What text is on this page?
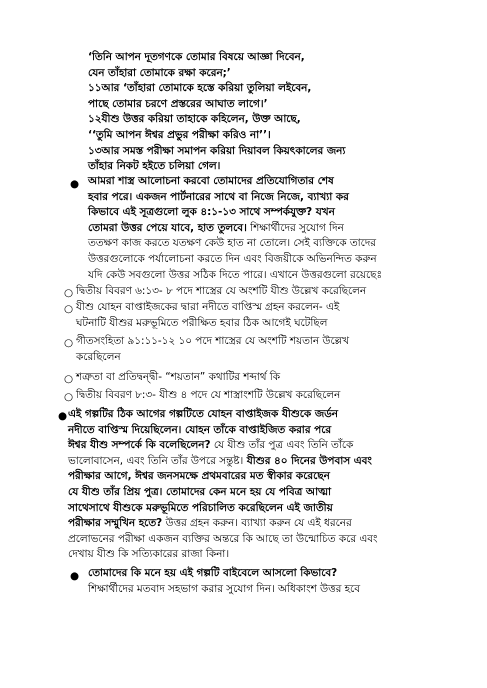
‘তিনি আপন দূতগণকে তোমার বিষয়ে আজ্ঞা দিবেন,
যেন তাঁহারা তোমাকে রক্ষা করেন;’
১১আর ‘তাঁহারা তোমাকে হস্তে করিয়া তুলিয়া লইবেন,
পাছে তোমার চরণে প্রস্তরের আঘাত লাগে।’
১২যীশু উত্তর করিয়া তাহাকে কহিলেন, উক্ত আছে,
‘‘তুমি আপন ঈশ্বর প্রভুর পরীক্ষা করিও না’’।
১৩আর সমস্ত পরীক্ষা সমাপন করিয়া দিয়াবল কিয়ৎকালের জন্য
তাঁহার নিকট হইতে চলিয়া গেল।
● আমরা শাস্ত্র আলোচনা করবো তোমাদের প্রতিযোগিতার শেষ
হবার পরে। একজন পার্টনারের সাথে বা নিজে নিজে, ব্যাখ্যা কর
কিভাবে এই সূত্রগুলো লুক ৪:১-১৩ সাথে সম্পর্কযুক্ত? যখন
তোমরা উত্তর পেয়ে যাবে, হাত তুলবে। শিক্ষার্থীদের সুযোগ দিন
ততক্ষণ কাজ করতে যতক্ষণ কেউ হাত না তোলে। সেই ব্যক্তিকে তাদের
উত্তরগুলোকে পর্যালোচনা করতে দিন এবং বিজয়ীকে অভিনন্দিত করুন
যদি কেউ সবগুলো উত্তর সঠিক দিতে পারে। এখানে উত্তরগুলো রয়েছেঃ
○ দ্বিতীয় বিবরণ ৬:১৩- ৮ পদে শাস্ত্রের যে অংশটি যীশু উল্লেখ করেছিলেন
○ যীশু যোহন বাপ্তাইজকের দ্বারা নদীতে বাপ্তিস্ম গ্রহন করলেন- এই
ঘটনাটি যীশুর মরুভূমিতে পরীক্ষিত হবার ঠিক আগেই ঘটেছিল
○ গীতসংহিতা ৯১:১১-১২ ১০ পদে শাস্ত্রের যে অংশটি শয়তান উল্লেখ
করেছিলেন
○ শত্রুতা বা প্রতিদ্বন্দ্বী- “শয়তান” কথাটির শব্দার্থ কি
○ দ্বিতীয় বিবরণ ৮:৩- যীশু ৪ পদে যে শাস্ত্রাংশটি উল্লেখ করেছিলেন
● এই গল্পটির ঠিক আগের গল্পটিতে যোহন বাপ্তাইজক যীশুকে জর্ডন
নদীতে বাপ্তিস্ম দিয়েছিলেন। যোহন তাঁকে বাপ্তাইজিত করার পরে
ঈশ্বর যীশু সম্পর্কে কি বলেছিলেন? যে যীশু তাঁর পুত্র এবং তিনি তাঁকে
ভালোবাসেন, এবং তিনি তাঁর উপরে সন্তুষ্ট। যীশুর ৪০ দিনের উপবাস এবং
পরীক্ষার আগে, ঈশ্বর জনসমক্ষে প্রথমবারের মত স্বীকার করেছেন
যে যীশু তাঁর প্রিয় পুত্র। তোমাদের কেন মনে হয় যে পবিত্র আত্মা
সাথেসাথে যীশুকে মরুভূমিতে পরিচালিত করেছিলেন এই জাতীয়
পরীক্ষার সম্মুখিন হতে? উত্তর গ্রহন করুন। ব্যাখ্যা করুন যে এই ধরনের
প্রলোভনের পরীক্ষা একজন ব্যক্তির অন্তরে কি আছে তা উন্মোচিত করে এবং
দেখায় যীশু কি সত্যিকারের রাজা কিনা।
● তোমাদের কি মনে হয় এই গল্পটি বাইবেলে আসলো কিভাবে?
শিক্ষার্থীদের মতবাদ সহভাগ করার সুযোগ দিন। অধিকাংশ উত্তর হবে
